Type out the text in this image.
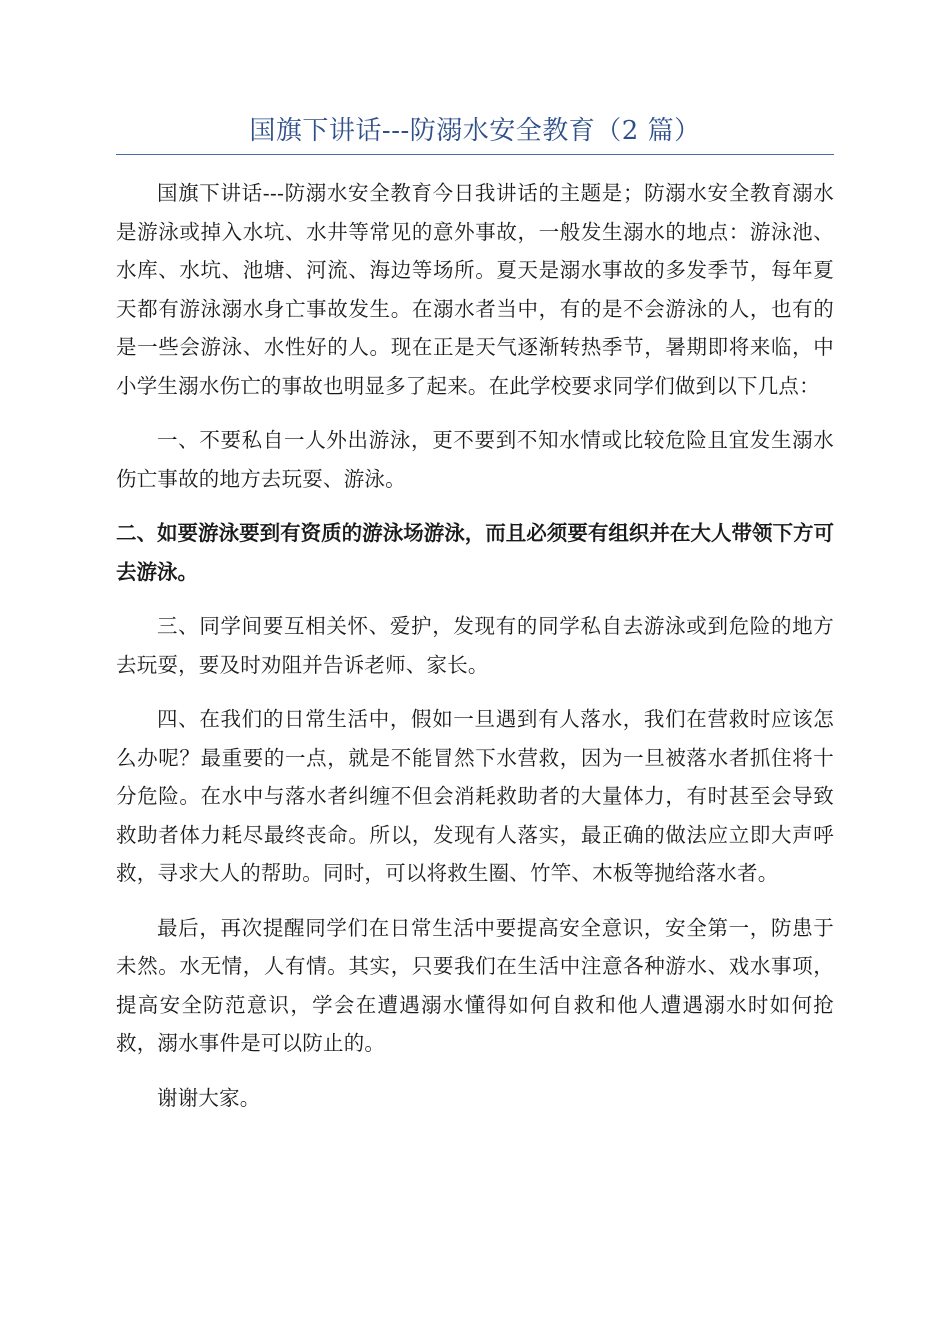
国旗下讲话---防溺水安全教育（2 篇）

国旗下讲话---防溺水安全教育今日我讲话的主题是；防溺水安全教育溺水是游泳或掉入水坑、水井等常见的意外事故，一般发生溺水的地点：游泳池、水库、水坑、池塘、河流、海边等场所。夏天是溺水事故的多发季节，每年夏天都有游泳溺水身亡事故发生。在溺水者当中，有的是不会游泳的人，也有的是一些会游泳、水性好的人。现在正是天气逐渐转热季节，暑期即将来临，中小学生溺水伤亡的事故也明显多了起来。在此学校要求同学们做到以下几点：

一、不要私自一人外出游泳，更不要到不知水情或比较危险且宜发生溺水伤亡事故的地方去玩耍、游泳。

二、如要游泳要到有资质的游泳场游泳，而且必须要有组织并在大人带领下方可去游泳。

三、同学间要互相关怀、爱护，发现有的同学私自去游泳或到危险的地方去玩耍，要及时劝阻并告诉老师、家长。

四、在我们的日常生活中，假如一旦遇到有人落水，我们在营救时应该怎么办呢？最重要的一点，就是不能冒然下水营救，因为一旦被落水者抓住将十分危险。在水中与落水者纠缠不但会消耗救助者的大量体力，有时甚至会导致救助者体力耗尽最终丧命。所以，发现有人落实，最正确的做法应立即大声呼救，寻求大人的帮助。同时，可以将救生圈、竹竿、木板等抛给落水者。

最后，再次提醒同学们在日常生活中要提高安全意识，安全第一，防患于未然。水无情，人有情。其实，只要我们在生活中注意各种游水、戏水事项，提高安全防范意识，学会在遭遇溺水懂得如何自救和他人遭遇溺水时如何抢救，溺水事件是可以防止的。

谢谢大家。
